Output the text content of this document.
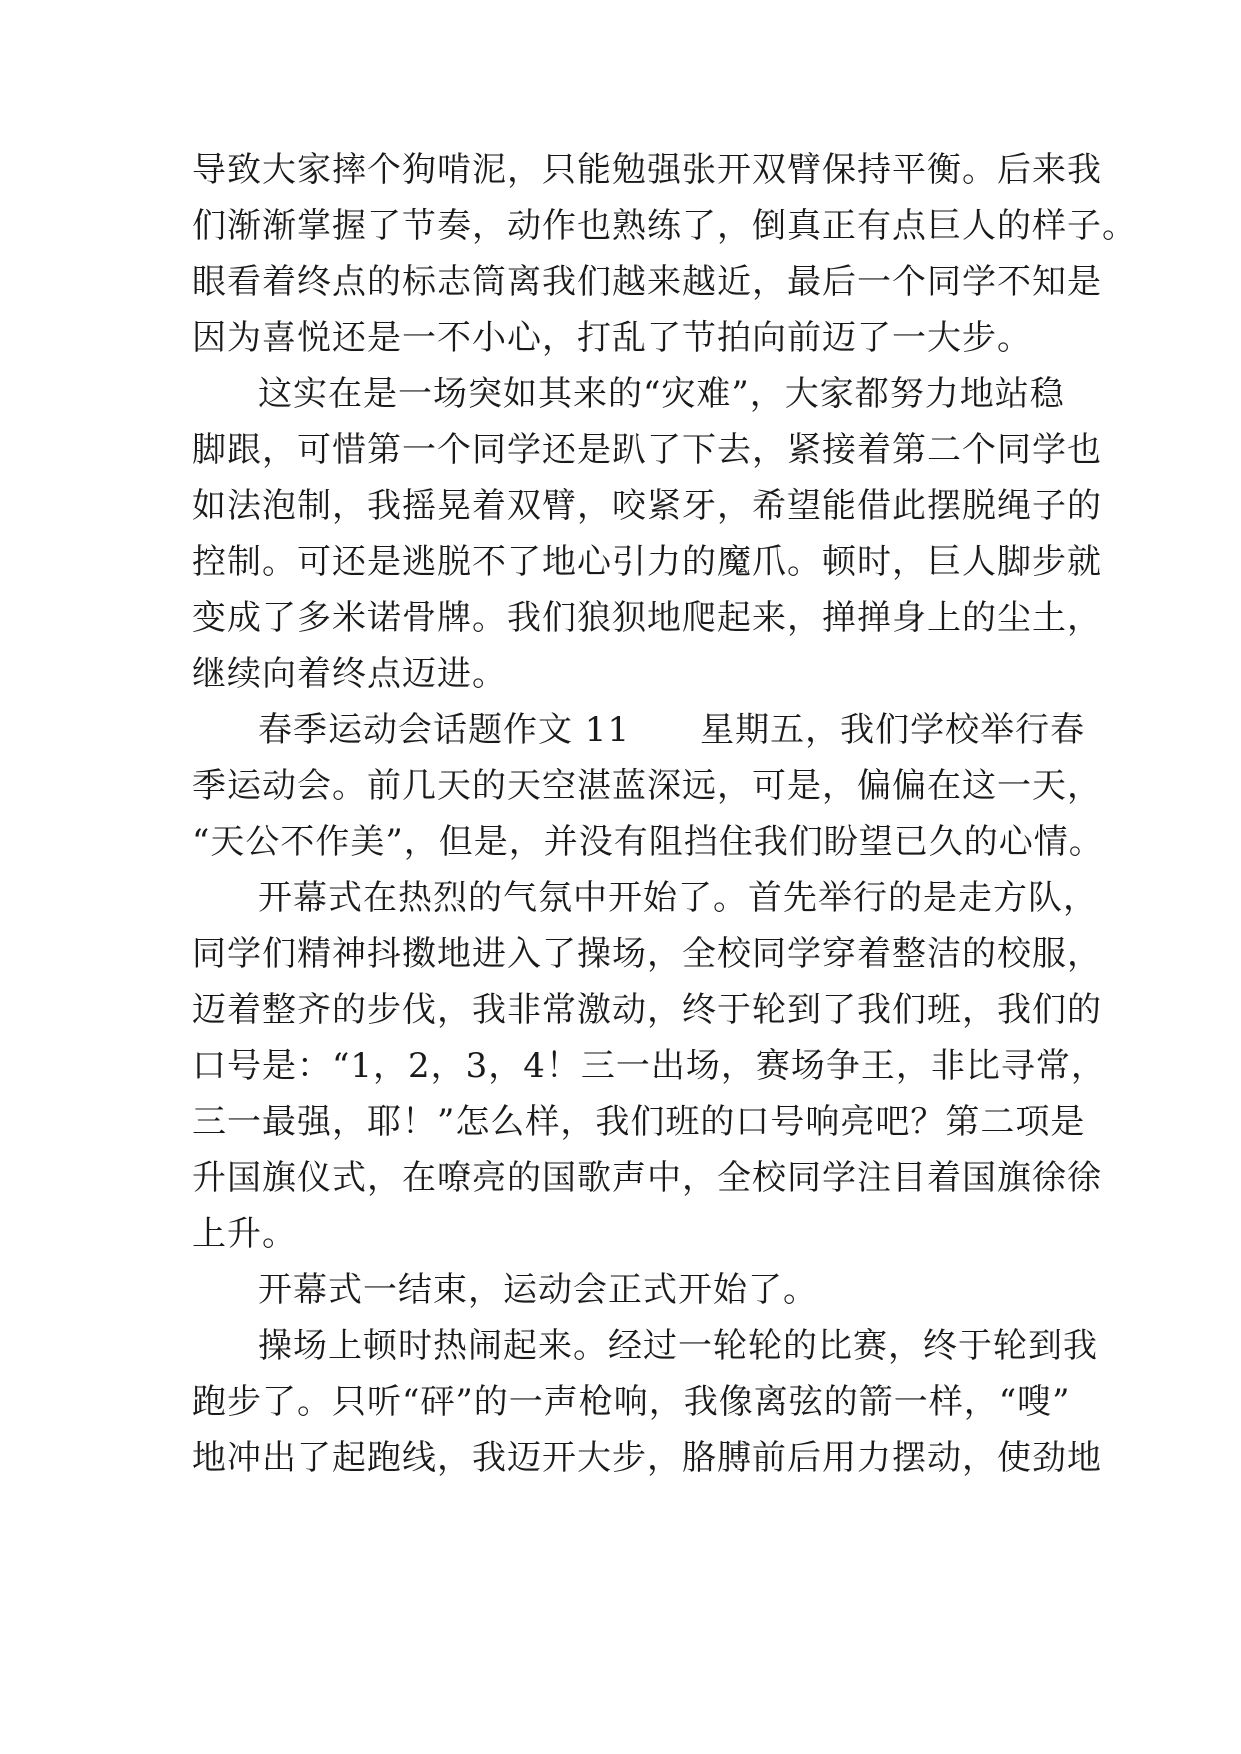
导致大家摔个狗啃泥，只能勉强张开双臂保持平衡。后来我
们渐渐掌握了节奏，动作也熟练了，倒真正有点巨人的样子。
眼看着终点的标志筒离我们越来越近，最后一个同学不知是
因为喜悦还是一不小心，打乱了节拍向前迈了一大步。
这实在是一场突如其来的“灾难”，大家都努力地站稳
脚跟，可惜第一个同学还是趴了下去，紧接着第二个同学也
如法泡制，我摇晃着双臂，咬紧牙，希望能借此摆脱绳子的
控制。可还是逃脱不了地心引力的魔爪。顿时，巨人脚步就
变成了多米诺骨牌。我们狼狈地爬起来，掸掸身上的尘土，
继续向着终点迈进。
春季运动会话题作文 11　　星期五，我们学校举行春
季运动会。前几天的天空湛蓝深远，可是，偏偏在这一天，
“天公不作美”，但是，并没有阻挡住我们盼望已久的心情。
开幕式在热烈的气氛中开始了。首先举行的是走方队，
同学们精神抖擞地进入了操场，全校同学穿着整洁的校服，
迈着整齐的步伐，我非常激动，终于轮到了我们班，我们的
口号是：“1，2，3，4！三一出场，赛场争王，非比寻常，
三一最强，耶！”怎么样，我们班的口号响亮吧？第二项是
升国旗仪式，在嘹亮的国歌声中，全校同学注目着国旗徐徐
上升。
开幕式一结束，运动会正式开始了。
操场上顿时热闹起来。经过一轮轮的比赛，终于轮到我
跑步了。只听“砰”的一声枪响，我像离弦的箭一样，“嗖”
地冲出了起跑线，我迈开大步，胳膊前后用力摆动，使劲地
